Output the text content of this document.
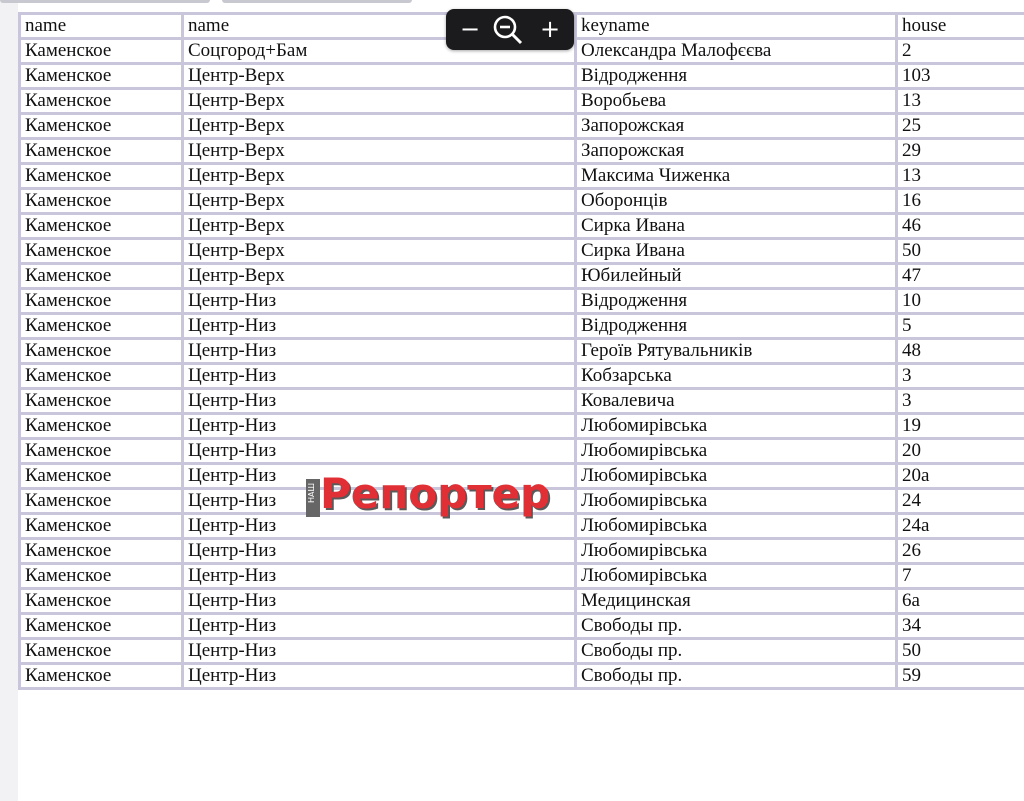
name	name	keyname	house
Каменское	Соцгород+Бам	Олександра Малофєєва	2
Каменское	Центр-Верх	Відродження	103
Каменское	Центр-Верх	Воробьева	13
Каменское	Центр-Верх	Запорожская	25
Каменское	Центр-Верх	Запорожская	29
Каменское	Центр-Верх	Максима Чиженка	13
Каменское	Центр-Верх	Оборонців	16
Каменское	Центр-Верх	Сирка Ивана	46
Каменское	Центр-Верх	Сирка Ивана	50
Каменское	Центр-Верх	Юбилейный	47
Каменское	Центр-Низ	Відродження	10
Каменское	Центр-Низ	Відродження	5
Каменское	Центр-Низ	Героїв Рятувальників	48
Каменское	Центр-Низ	Кобзарська	3
Каменское	Центр-Низ	Ковалевича	3
Каменское	Центр-Низ	Любомирівська	19
Каменское	Центр-Низ	Любомирівська	20
Каменское	Центр-Низ	Любомирівська	20а
Каменское	Центр-Низ	Любомирівська	24
Каменское	Центр-Низ	Любомирівська	24а
Каменское	Центр-Низ	Любомирівська	26
Каменское	Центр-Низ	Любомирівська	7
Каменское	Центр-Низ	Медицинская	6а
Каменское	Центр-Низ	Свободы пр.	34
Каменское	Центр-Низ	Свободы пр.	50
Каменское	Центр-Низ	Свободы пр.	59
−	+
НАШ Репортер
